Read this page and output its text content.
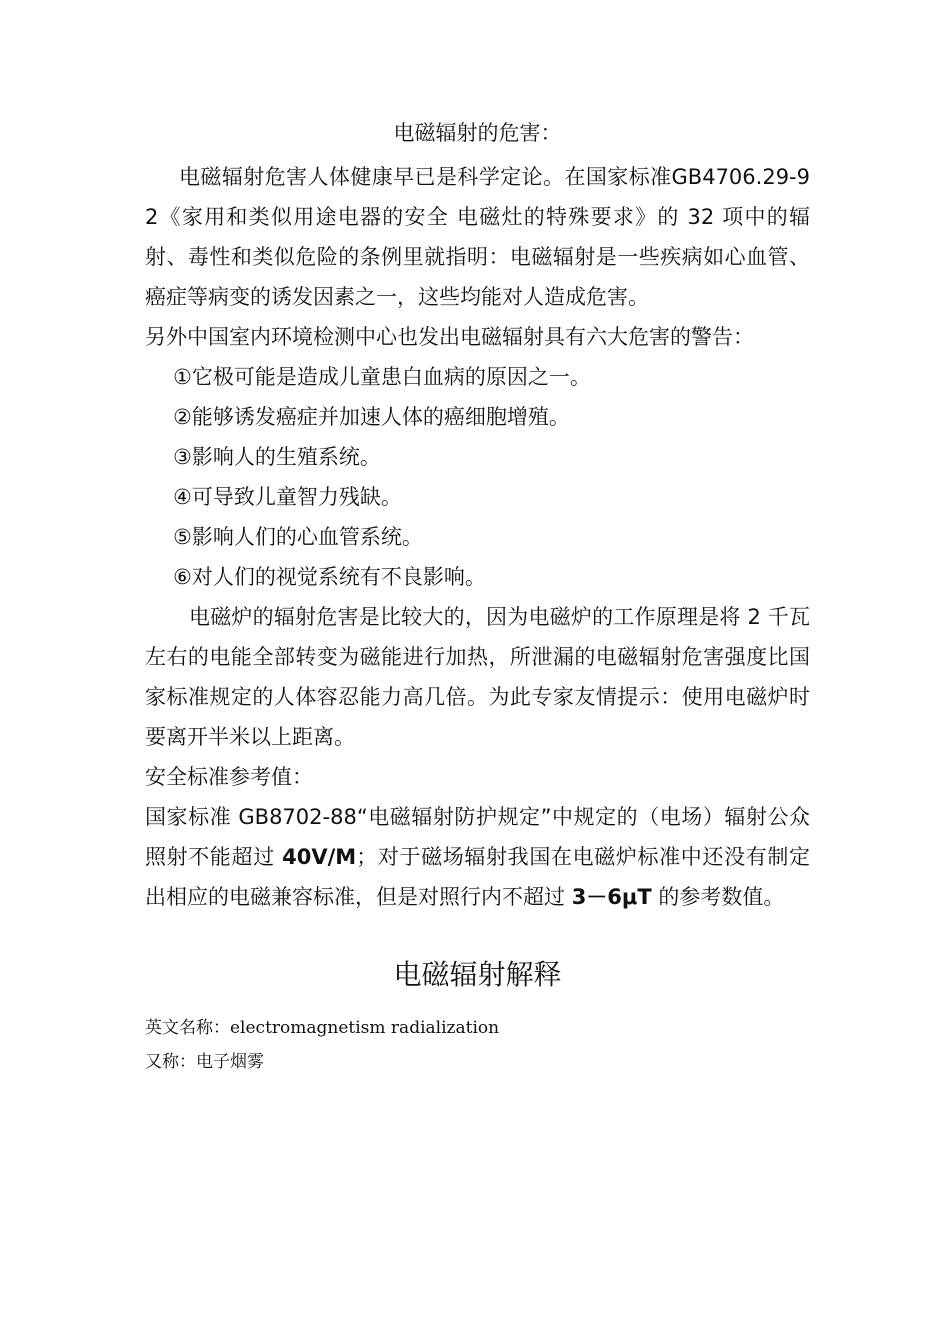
电磁辐射的危害：

电磁辐射危害人体健康早已是科学定论。在国家标准GB4706.29-92《家用和类似用途电器的安全 电磁灶的特殊要求》的 32 项中的辐射、毒性和类似危险的条例里就指明：电磁辐射是一些疾病如心血管、癌症等病变的诱发因素之一，这些均能对人造成危害。

另外中国室内环境检测中心也发出电磁辐射具有六大危害的警告：

①它极可能是造成儿童患白血病的原因之一。
②能够诱发癌症并加速人体的癌细胞增殖。
③影响人的生殖系统。
④可导致儿童智力残缺。
⑤影响人们的心血管系统。
⑥对人们的视觉系统有不良影响。

电磁炉的辐射危害是比较大的，因为电磁炉的工作原理是将 2 千瓦左右的电能全部转变为磁能进行加热，所泄漏的电磁辐射危害强度比国家标准规定的人体容忍能力高几倍。为此专家友情提示：使用电磁炉时要离开半米以上距离。

安全标准参考值：

国家标准 GB8702-88“电磁辐射防护规定”中规定的（电场）辐射公众照射不能超过 40V/M；对于磁场辐射我国在电磁炉标准中还没有制定出相应的电磁兼容标准，但是对照行内不超过 3－6μT 的参考数值。

电磁辐射解释

英文名称：electromagnetism radialization

又称：电子烟雾
